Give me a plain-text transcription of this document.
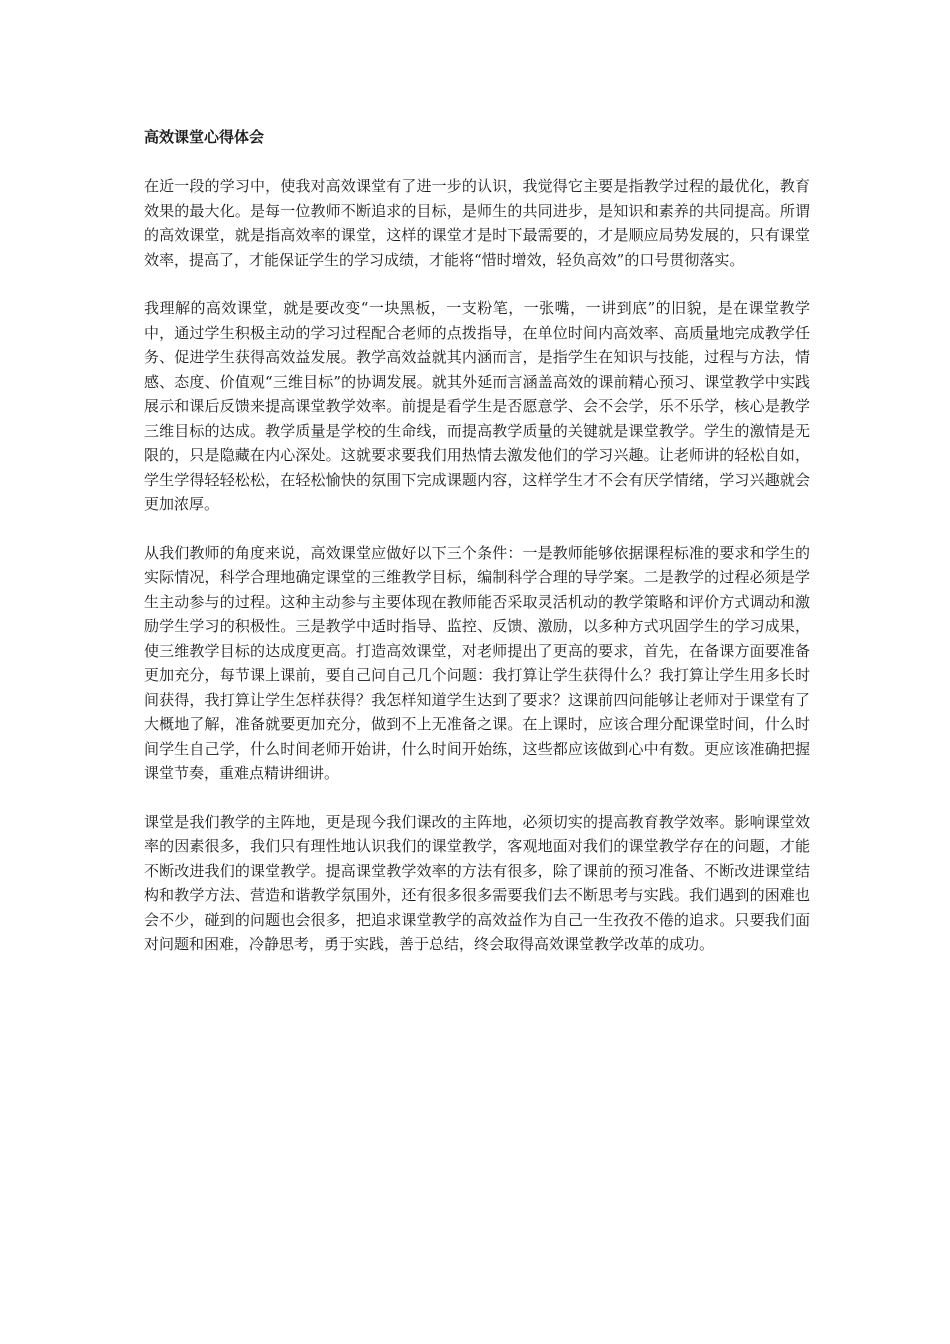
高效课堂心得体会

在近一段的学习中，使我对高效课堂有了进一步的认识，我觉得它主要是指教学过程的最优化，教育效果的最大化。是每一位教师不断追求的目标，是师生的共同进步，是知识和素养的共同提高。所谓的高效课堂，就是指高效率的课堂，这样的课堂才是时下最需要的，才是顺应局势发展的，只有课堂效率，提高了，才能保证学生的学习成绩，才能将“惜时增效，轻负高效”的口号贯彻落实。

我理解的高效课堂，就是要改变“一块黑板，一支粉笔，一张嘴，一讲到底”的旧貌，是在课堂教学中，通过学生积极主动的学习过程配合老师的点拨指导，在单位时间内高效率、高质量地完成教学任务、促进学生获得高效益发展。教学高效益就其内涵而言，是指学生在知识与技能，过程与方法，情感、态度、价值观“三维目标”的协调发展。就其外延而言涵盖高效的课前精心预习、课堂教学中实践展示和课后反馈来提高课堂教学效率。前提是看学生是否愿意学、会不会学，乐不乐学，核心是教学三维目标的达成。教学质量是学校的生命线，而提高教学质量的关键就是课堂教学。学生的激情是无限的，只是隐藏在内心深处。这就要求要我们用热情去激发他们的学习兴趣。让老师讲的轻松自如，学生学得轻轻松松，在轻松愉快的氛围下完成课题内容，这样学生才不会有厌学情绪，学习兴趣就会更加浓厚。

从我们教师的角度来说，高效课堂应做好以下三个条件：一是教师能够依据课程标准的要求和学生的实际情况，科学合理地确定课堂的三维教学目标，编制科学合理的导学案。二是教学的过程必须是学生主动参与的过程。这种主动参与主要体现在教师能否采取灵活机动的教学策略和评价方式调动和激励学生学习的积极性。三是教学中适时指导、监控、反馈、激励，以多种方式巩固学生的学习成果，使三维教学目标的达成度更高。打造高效课堂，对老师提出了更高的要求，首先，在备课方面要准备更加充分，每节课上课前，要自己问自己几个问题：我打算让学生获得什么？我打算让学生用多长时间获得，我打算让学生怎样获得？我怎样知道学生达到了要求？这课前四问能够让老师对于课堂有了大概地了解，准备就要更加充分，做到不上无准备之课。在上课时，应该合理分配课堂时间，什么时间学生自己学，什么时间老师开始讲，什么时间开始练，这些都应该做到心中有数。更应该准确把握课堂节奏，重难点精讲细讲。

课堂是我们教学的主阵地，更是现今我们课改的主阵地，必须切实的提高教育教学效率。影响课堂效率的因素很多，我们只有理性地认识我们的课堂教学，客观地面对我们的课堂教学存在的问题，才能不断改进我们的课堂教学。提高课堂教学效率的方法有很多，除了课前的预习准备、不断改进课堂结构和教学方法、营造和谐教学氛围外，还有很多很多需要我们去不断思考与实践。我们遇到的困难也会不少，碰到的问题也会很多，把追求课堂教学的高效益作为自己一生孜孜不倦的追求。只要我们面对问题和困难，冷静思考，勇于实践，善于总结，终会取得高效课堂教学改革的成功。
